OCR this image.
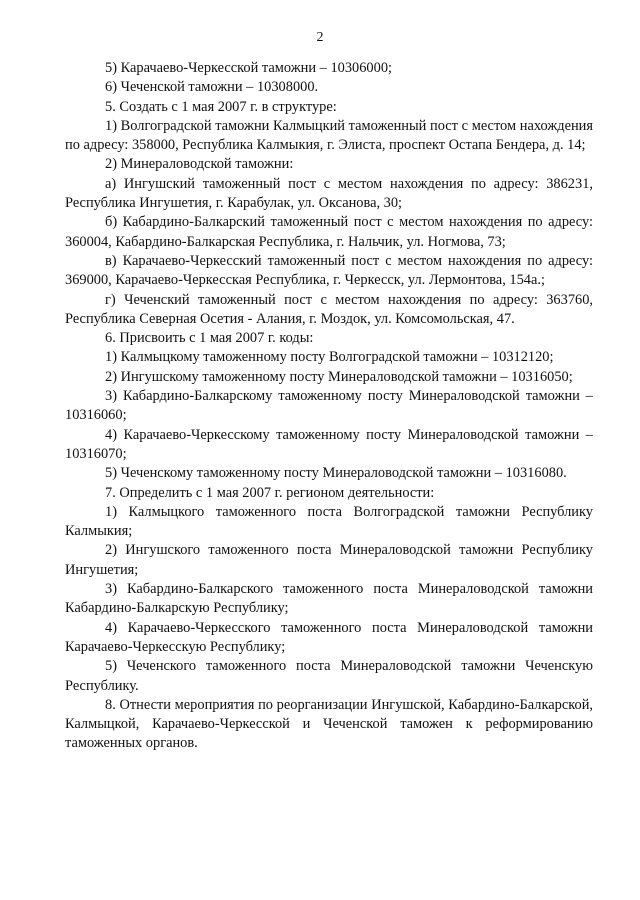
2

5) Карачаево-Черкесской таможни – 10306000;

6) Чеченской таможни – 10308000.

5. Создать с 1 мая 2007 г. в структуре:

1) Волгоградской таможни Калмыцкий таможенный пост с местом нахождения по адресу: 358000, Республика Калмыкия, г. Элиста, проспект Остапа Бендера, д. 14;

2) Минераловодской таможни:

а) Ингушский таможенный пост с местом нахождения по адресу: 386231, Республика Ингушетия, г. Карабулак, ул. Оксанова, 30;

б) Кабардино-Балкарский таможенный пост с местом нахождения по адресу: 360004, Кабардино-Балкарская Республика, г. Нальчик, ул. Ногмова, 73;

в) Карачаево-Черкесский таможенный пост с местом нахождения по адресу: 369000, Карачаево-Черкесская Республика, г. Черкесск, ул. Лермонтова, 154а.;

г) Чеченский таможенный пост с местом нахождения по адресу: 363760, Республика Северная Осетия - Алания, г. Моздок, ул. Комсомольская, 47.

6. Присвоить с 1 мая 2007 г. коды:

1) Калмыцкому таможенному посту Волгоградской таможни – 10312120;

2) Ингушскому таможенному посту Минераловодской таможни – 10316050;

3) Кабардино-Балкарскому таможенному посту Минераловодской таможни – 10316060;

4) Карачаево-Черкесскому таможенному посту Минераловодской таможни – 10316070;

5) Чеченскому таможенному посту Минераловодской таможни – 10316080.

7. Определить с 1 мая 2007 г. регионом деятельности:

1) Калмыцкого таможенного поста Волгоградской таможни Республику Калмыкия;

2) Ингушского таможенного поста Минераловодской таможни Республику Ингушетия;

3) Кабардино-Балкарского таможенного поста Минераловодской таможни Кабардино-Балкарскую Республику;

4) Карачаево-Черкесского таможенного поста Минераловодской таможни Карачаево-Черкесскую Республику;

5) Чеченского таможенного поста Минераловодской таможни Чеченскую Республику.

8. Отнести мероприятия по реорганизации Ингушской, Кабардино-Балкарской, Калмыцкой, Карачаево-Черкесской и Чеченской таможен к реформированию таможенных органов.
